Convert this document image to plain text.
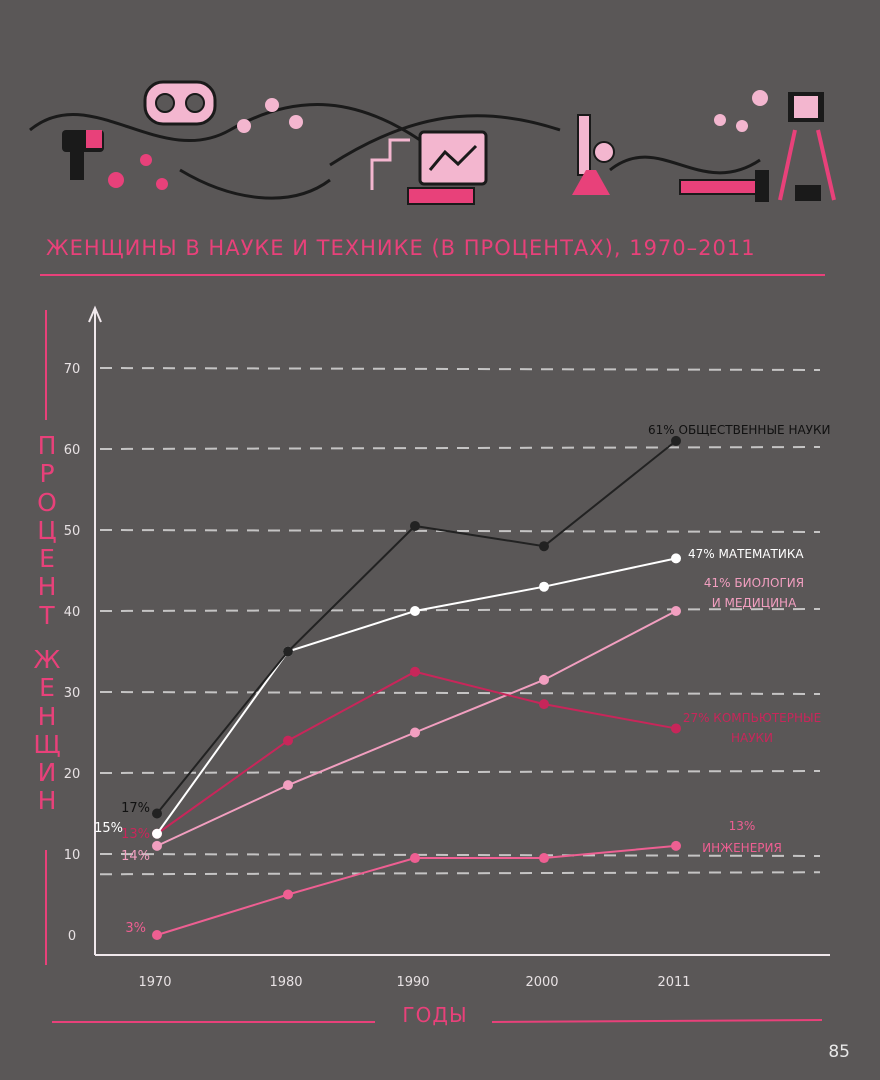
ЖЕНЩИНЫ В НАУКЕ И ТЕХНИКЕ (В ПРОЦЕНТАХ), 1970–2011
0
10
20
30
40
50
60
70
1970	1980	1990	2000	2011
17%
15%
14%
13%
3%
61% ОБЩЕСТВЕННЫЕ НАУКИ
47% МАТЕМАТИКА
41% БИОЛОГИЯ
И МЕДИЦИНА
27% КОМПЬЮТЕРНЫЕ
НАУКИ
13%
ИНЖЕНЕРИЯ
П
Р
О
Ц
Е
Н
Т
Ж
Е
Н
Щ
И
Н
ГОДЫ
85
